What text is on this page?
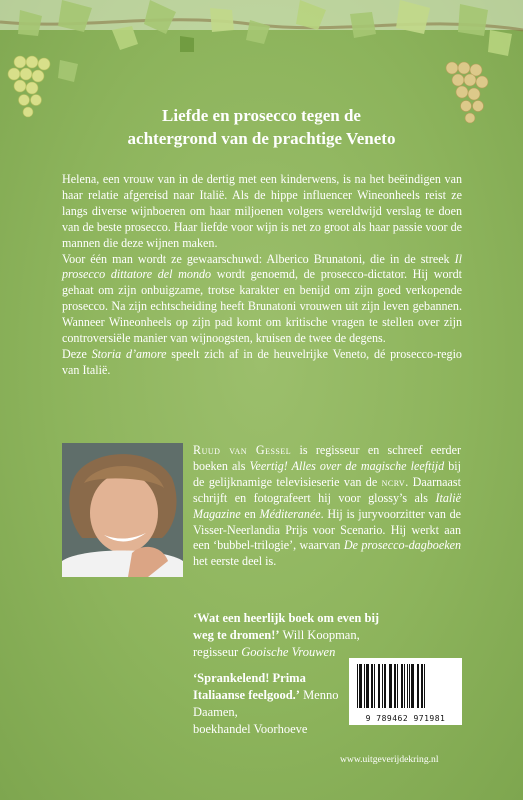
Liefde en prosecco tegen de
achtergrond van de prachtige Veneto

Helena, een vrouw van in de dertig met een kinderwens, is na het beëindigen van haar relatie afgereisd naar Italië. Als de hippe influencer Wineonheels reist ze langs diverse wijnboeren om haar miljoenen volgers wereldwijd verslag te doen van de beste prosecco. Haar liefde voor wijn is net zo groot als haar passie voor de mannen die deze wijnen maken.

Voor één man wordt ze gewaarschuwd: Alberico Brunatoni, die in de streek Il prosecco dittatore del mondo wordt genoemd, de prosecco-dictator. Hij wordt gehaat om zijn onbuigzame, trotse karakter en benijd om zijn goed verkopende prosecco. Na zijn echtscheiding heeft Brunatoni vrouwen uit zijn leven gebannen. Wanneer Wineonheels op zijn pad komt om kritische vragen te stellen over zijn controversiële manier van wijnoogsten, kruisen de twee de degens.

Deze Storia d’amore speelt zich af in de heuvelrijke Veneto, dé prosecco-regio van Italië.

Ruud van Gessel is regisseur en schreef eerder boeken als Veertig! Alles over de magische leeftijd bij de gelijknamige televisieserie van de ncrv. Daarnaast schrijft en fotografeert hij voor glossy’s als Italië Magazine en Méditeranée. Hij is juryvoorzitter van de Visser-Neerlandia Prijs voor Scenario. Hij werkt aan een ‘bubbel-trilogie’, waarvan De prosecco-dagboeken het eerste deel is.

‘Wat een heerlijk boek om even bij weg te dromen!’ Will Koopman,
regisseur Gooische Vrouwen

‘Sprankelend! Prima Italiaanse feelgood.’ Menno Daamen,
boekhandel Voorhoeve

9 789462 971981
www.uitgeverijdekring.nl
